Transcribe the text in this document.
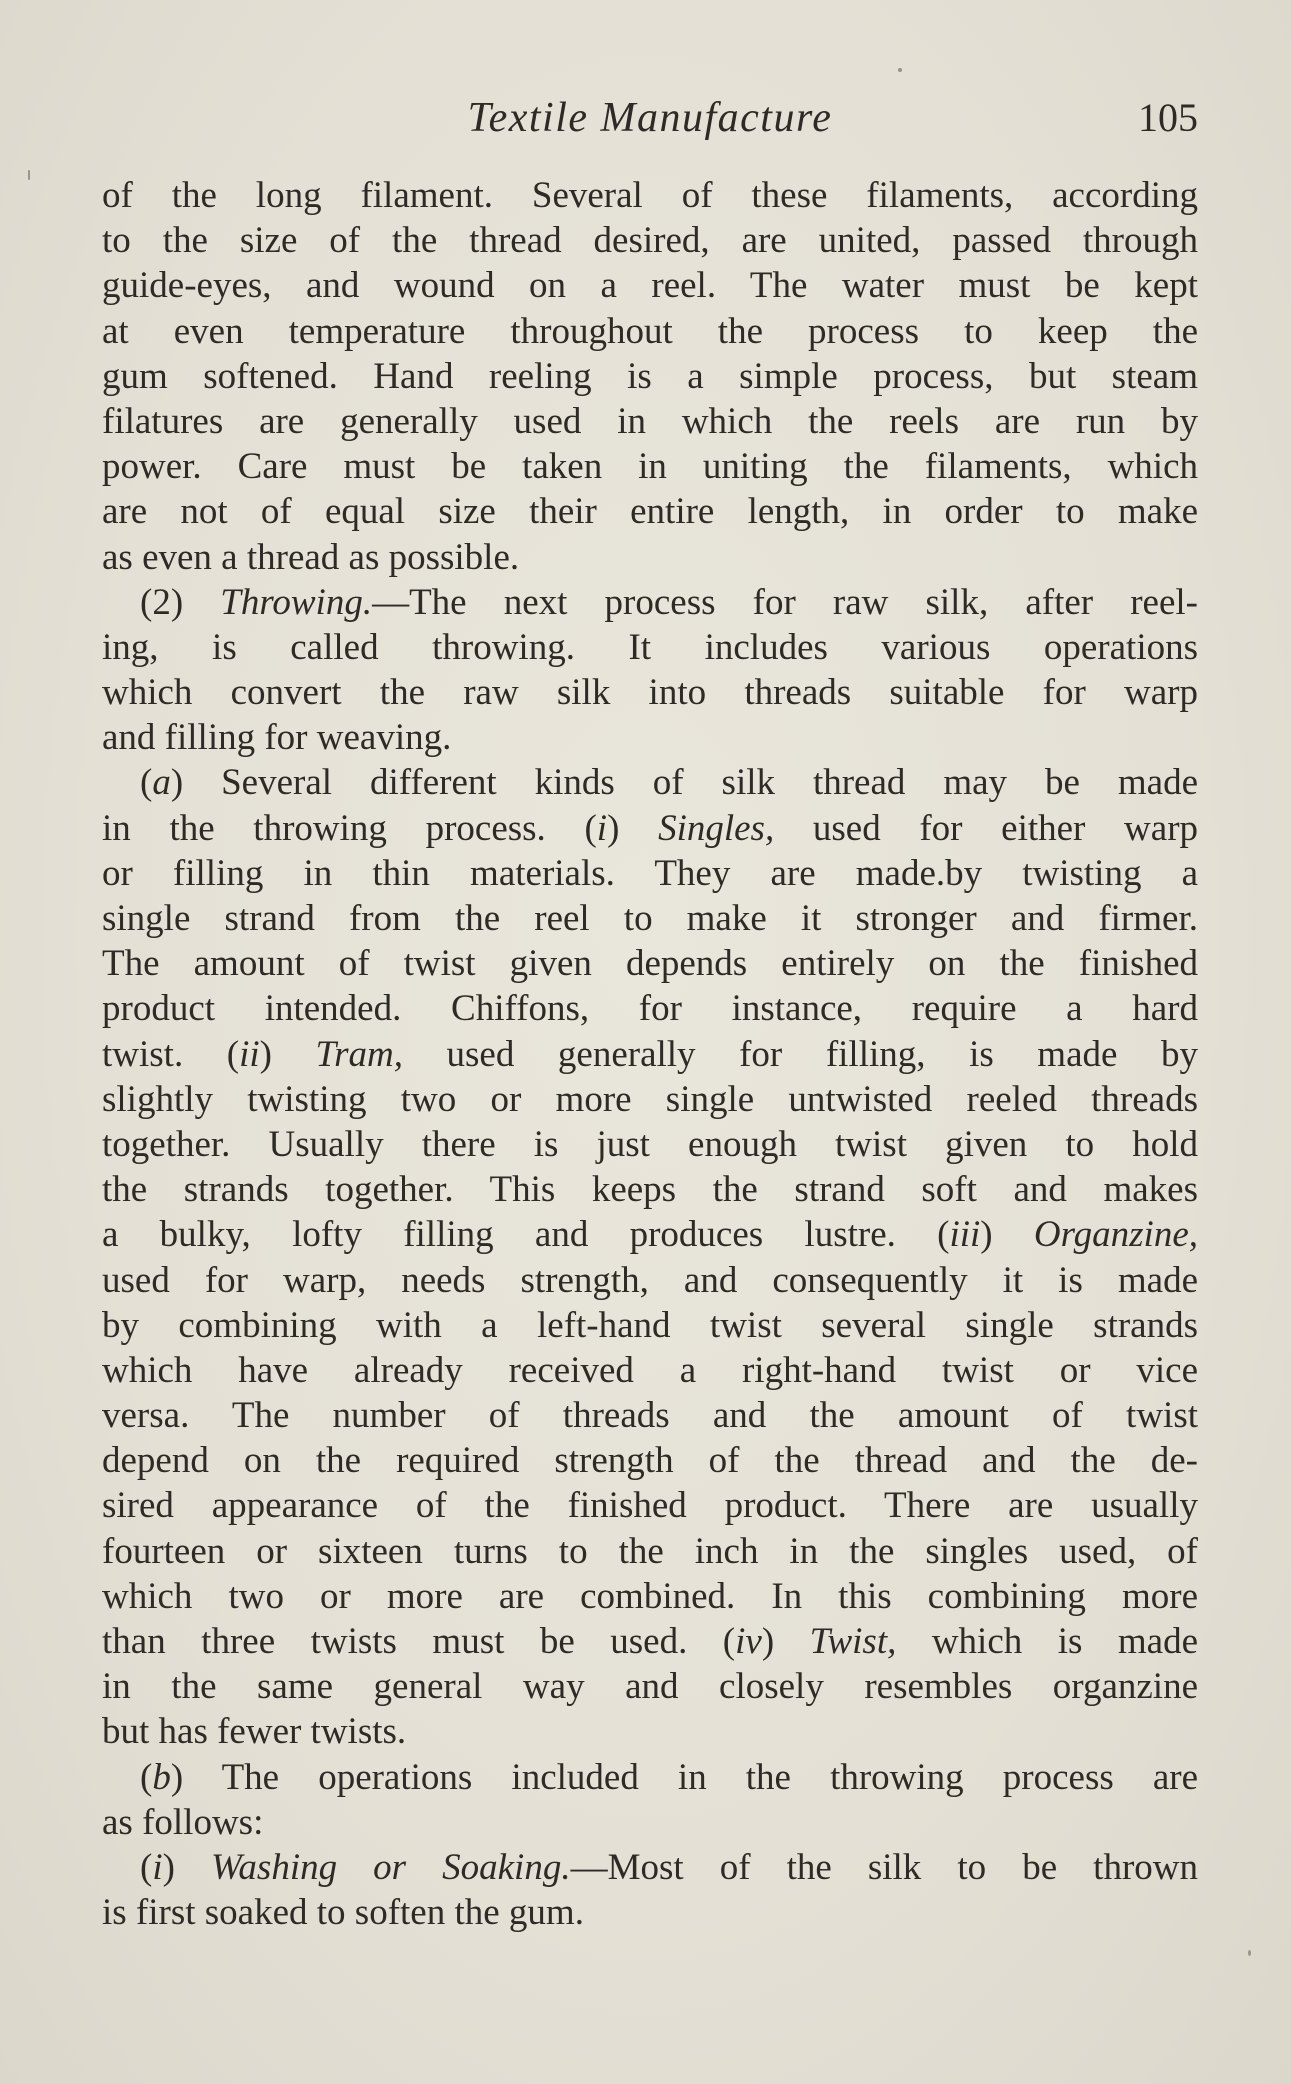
Textile Manufacture	105
of the long filament. Several of these filaments, according
to the size of the thread desired, are united, passed through
guide-eyes, and wound on a reel. The water must be kept
at even temperature throughout the process to keep the
gum softened. Hand reeling is a simple process, but steam
filatures are generally used in which the reels are run by
power. Care must be taken in uniting the filaments, which
are not of equal size their entire length, in order to make
as even a thread as possible.
(2) Throwing.—The next process for raw silk, after reel-
ing, is called throwing. It includes various operations
which convert the raw silk into threads suitable for warp
and filling for weaving.
(a) Several different kinds of silk thread may be made
in the throwing process. (i) Singles, used for either warp
or filling in thin materials. They are made.by twisting a
single strand from the reel to make it stronger and firmer.
The amount of twist given depends entirely on the finished
product intended. Chiffons, for instance, require a hard
twist. (ii) Tram, used generally for filling, is made by
slightly twisting two or more single untwisted reeled threads
together. Usually there is just enough twist given to hold
the strands together. This keeps the strand soft and makes
a bulky, lofty filling and produces lustre. (iii) Organzine,
used for warp, needs strength, and consequently it is made
by combining with a left-hand twist several single strands
which have already received a right-hand twist or vice
versa. The number of threads and the amount of twist
depend on the required strength of the thread and the de-
sired appearance of the finished product. There are usually
fourteen or sixteen turns to the inch in the singles used, of
which two or more are combined. In this combining more
than three twists must be used. (iv) Twist, which is made
in the same general way and closely resembles organzine
but has fewer twists.
(b) The operations included in the throwing process are
as follows:
(i) Washing or Soaking.—Most of the silk to be thrown
is first soaked to soften the gum.
